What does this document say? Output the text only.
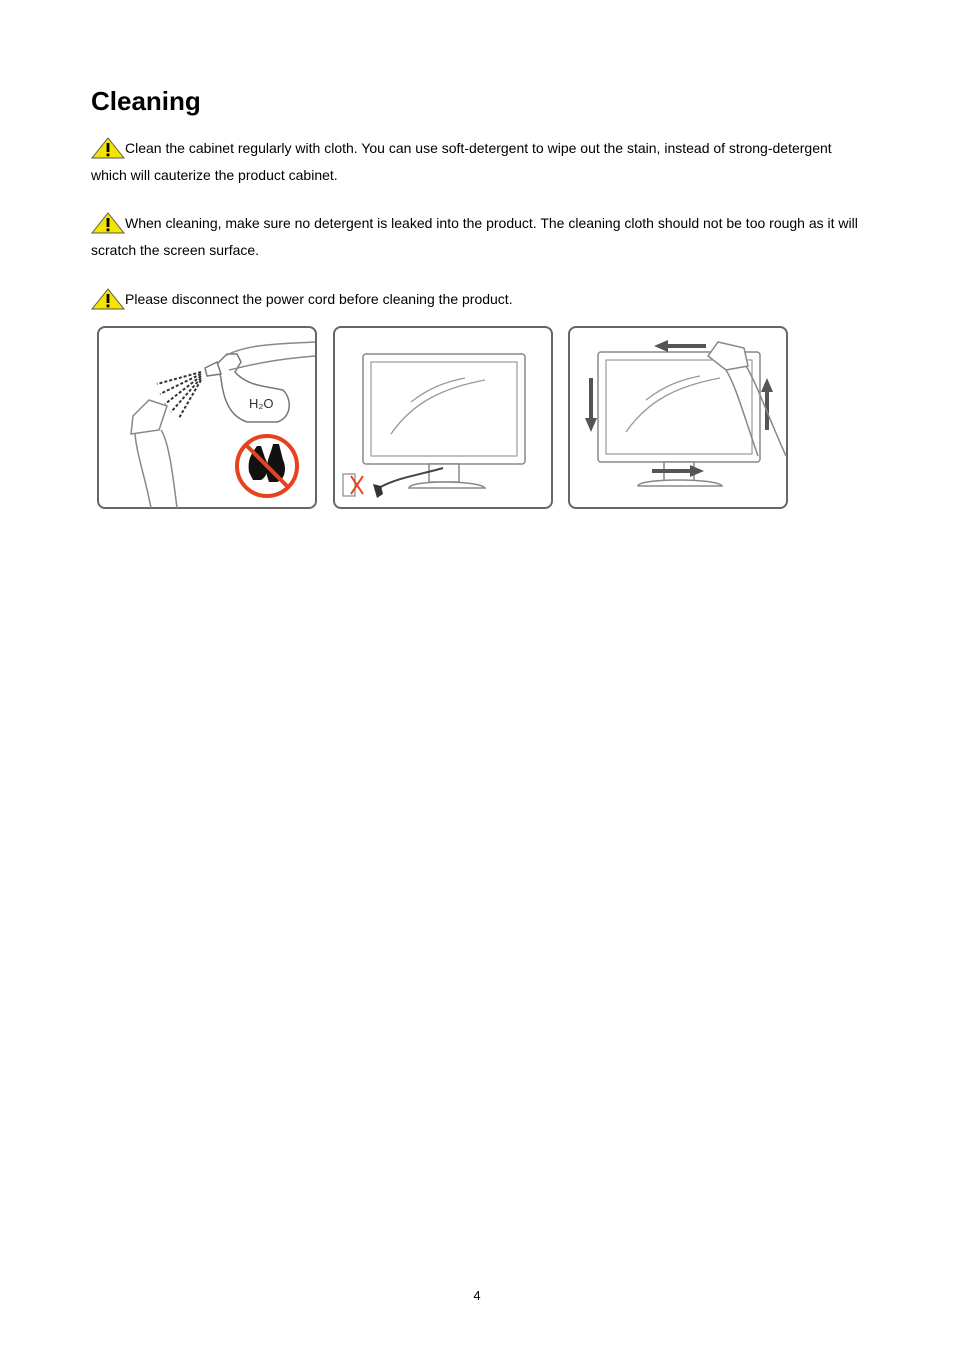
Cleaning

Clean the cabinet regularly with cloth. You can use soft-detergent to wipe out the stain, instead of strong-detergent which will cauterize the product cabinet.

When cleaning, make sure no detergent is leaked into the product. The cleaning cloth should not be too rough as it will scratch the screen surface.

Please disconnect the power cord before cleaning the product.

H₂O
4
